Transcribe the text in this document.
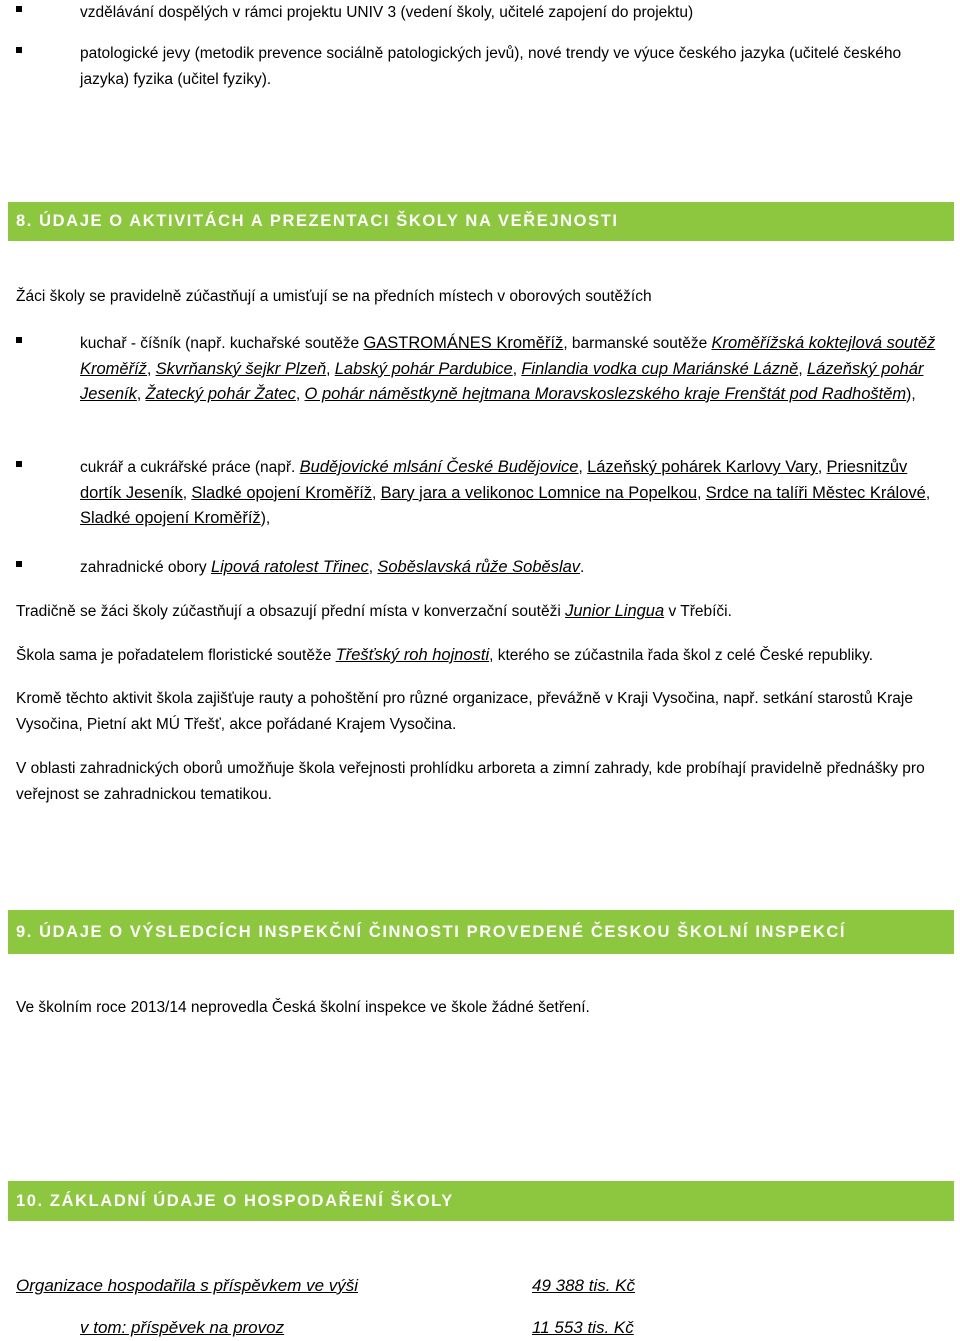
vzdělávání dospělých v rámci projektu UNIV 3 (vedení školy, učitelé zapojení do projektu)
patologické jevy (metodik prevence sociálně patologických jevů), nové trendy ve výuce českého jazyka (učitelé českého jazyka) fyzika (učitel fyziky).
8. ÚDAJE O AKTIVITÁCH A PREZENTACI ŠKOLY NA VEŘEJNOSTI
Žáci školy se pravidelně zúčastňují a umisťují se na předních místech v oborových soutěžích
kuchař - číšník (např. kuchařské soutěže GASTROMÁNES Kroměříž, barmanské soutěže Kroměřížská koktejlová soutěž Kroměříž, Skvrňanský šejkr Plzeň, Labský pohár Pardubice, Finlandia vodka cup Mariánské Lázně, Lázeňský pohár Jeseník, Žatecký pohár Žatec, O pohár náměstkyně hejtmana Moravskoslezského kraje Frenštát pod Radhoštěm),
cukrář a cukrářské práce (např. Budějovické mlsání České Budějovice, Lázeňský pohárek Karlovy Vary, Priesnitzův dortík Jeseník, Sladké opojení Kroměříž, Bary jara a velikonoc Lomnice na Popelkou, Srdce na talíři Městec Králové, Sladké opojení Kroměříž),
zahradnické obory Lipová ratolest Třinec, Soběslavská růže Soběslav.
Tradičně se žáci školy zúčastňují a obsazují přední místa v konverzační soutěži Junior Lingua v Třebíči.
Škola sama je pořadatelem floristické soutěže Třešťský roh hojnosti, kterého se zúčastnila řada škol z celé České republiky.
Kromě těchto aktivit škola zajišťuje rauty a pohoštění pro různé organizace, převážně v Kraji Vysočina, např. setkání starostů Kraje Vysočina, Pietní akt MÚ Třešť, akce pořádané Krajem Vysočina.
V oblasti zahradnických oborů umožňuje škola veřejnosti prohlídku arboreta a zimní zahrady, kde probíhají pravidelně přednášky pro veřejnost se zahradnickou tematikou.
9. ÚDAJE O VÝSLEDCÍCH INSPEKČNÍ ČINNOSTI PROVEDENÉ ČESKOU ŠKOLNÍ INSPEKCÍ
Ve školním roce 2013/14 neprovedla Česká školní inspekce ve škole žádné šetření.
10. ZÁKLADNÍ ÚDAJE O HOSPODAŘENÍ ŠKOLY
Organizace hospodařila s příspěvkem ve výši	49 388 tis. Kč
v tom: příspěvek na provoz	11 553 tis. Kč
